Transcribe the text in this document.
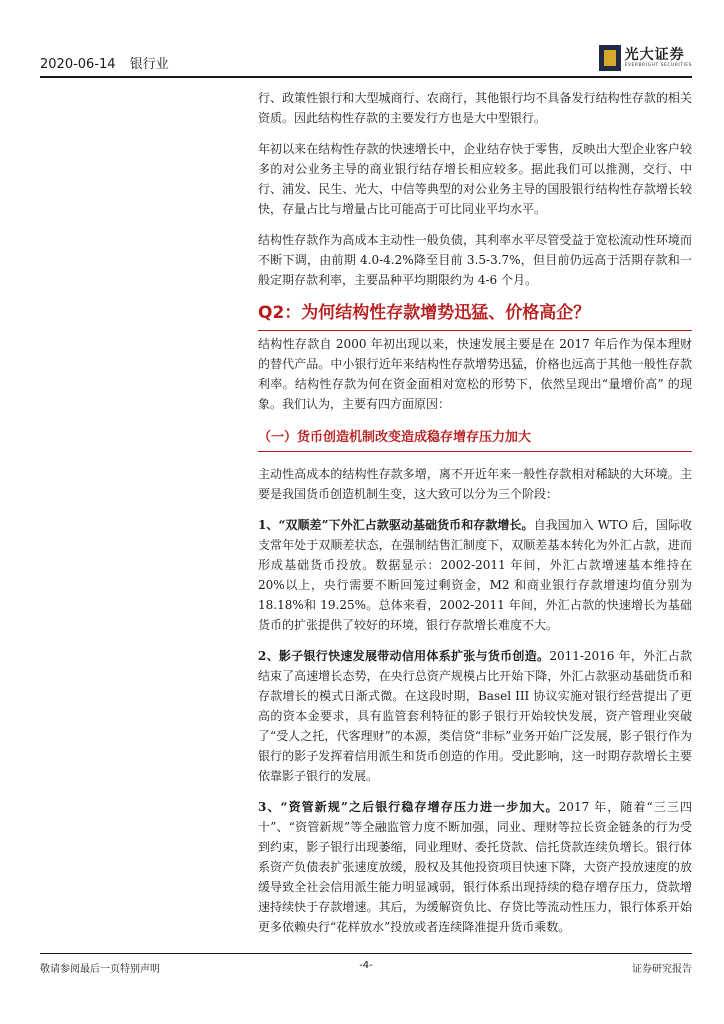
2020-06-14 银行业
光大证券
EVERBRIGHT SECURITIES

行、政策性银行和大型城商行、农商行，其他银行均不具备发行结构性存款的相关资质。因此结构性存款的主要发行方也是大中型银行。

年初以来在结构性存款的快速增长中，企业结存快于零售，反映出大型企业客户较多的对公业务主导的商业银行结存增长相应较多。据此我们可以推测，交行、中行、浦发、民生、光大、中信等典型的对公业务主导的国股银行结构性存款增长较快，存量占比与增量占比可能高于可比同业平均水平。

结构性存款作为高成本主动性一般负债，其利率水平尽管受益于宽松流动性环境而不断下调，由前期 4.0-4.2%降至目前 3.5-3.7%，但目前仍远高于活期存款和一般定期存款利率，主要品种平均期限约为 4-6 个月。

Q2：为何结构性存款增势迅猛、价格高企？

结构性存款自 2000 年初出现以来，快速发展主要是在 2017 年后作为保本理财的替代产品。中小银行近年来结构性存款增势迅猛，价格也远高于其他一般性存款利率。结构性存款为何在资金面相对宽松的形势下，依然呈现出“量增价高” 的现象。我们认为，主要有四方面原因：

（一）货币创造机制改变造成稳存增存压力加大

主动性高成本的结构性存款多增，离不开近年来一般性存款相对稀缺的大环境。主要是我国货币创造机制生变，这大致可以分为三个阶段：

1、“双顺差”下外汇占款驱动基础货币和存款增长。自我国加入 WTO 后，国际收支常年处于双顺差状态，在强制结售汇制度下，双顺差基本转化为外汇占款，进而形成基础货币投放。数据显示：2002-2011 年间，外汇占款增速基本维持在 20%以上，央行需要不断回笼过剩资金，M2 和商业银行存款增速均值分别为 18.18%和 19.25%。总体来看，2002-2011 年间，外汇占款的快速增长为基础货币的扩张提供了较好的环境，银行存款增长难度不大。

2、影子银行快速发展带动信用体系扩张与货币创造。2011-2016 年，外汇占款结束了高速增长态势，在央行总资产规模占比开始下降，外汇占款驱动基础货币和存款增长的模式日渐式微。在这段时期，Basel III 协议实施对银行经营提出了更高的资本金要求，具有监管套利特征的影子银行开始较快发展，资产管理业突破了“受人之托，代客理财”的本源，类信贷“非标”业务开始广泛发展，影子银行作为银行的影子发挥着信用派生和货币创造的作用。受此影响，这一时期存款增长主要依靠影子银行的发展。

3、“资管新规”之后银行稳存增存压力进一步加大。2017 年，随着“三三四十”、“资管新规”等全融监管力度不断加强，同业、理财等拉长资金链条的行为受到约束，影子银行出现萎缩，同业理财、委托贷款、信托贷款连续负增长。银行体系资产负债表扩张速度放缓，股权及其他投资项目快速下降，大资产投放速度的放缓导致全社会信用派生能力明显减弱，银行体系出现持续的稳存增存压力，贷款增速持续快于存款增速。其后，为缓解资负比、存贷比等流动性压力，银行体系开始更多依赖央行“花样放水”投放或者连续降准提升货币乘数。

敬请参阅最后一页特别声明	-4-	证券研究报告
